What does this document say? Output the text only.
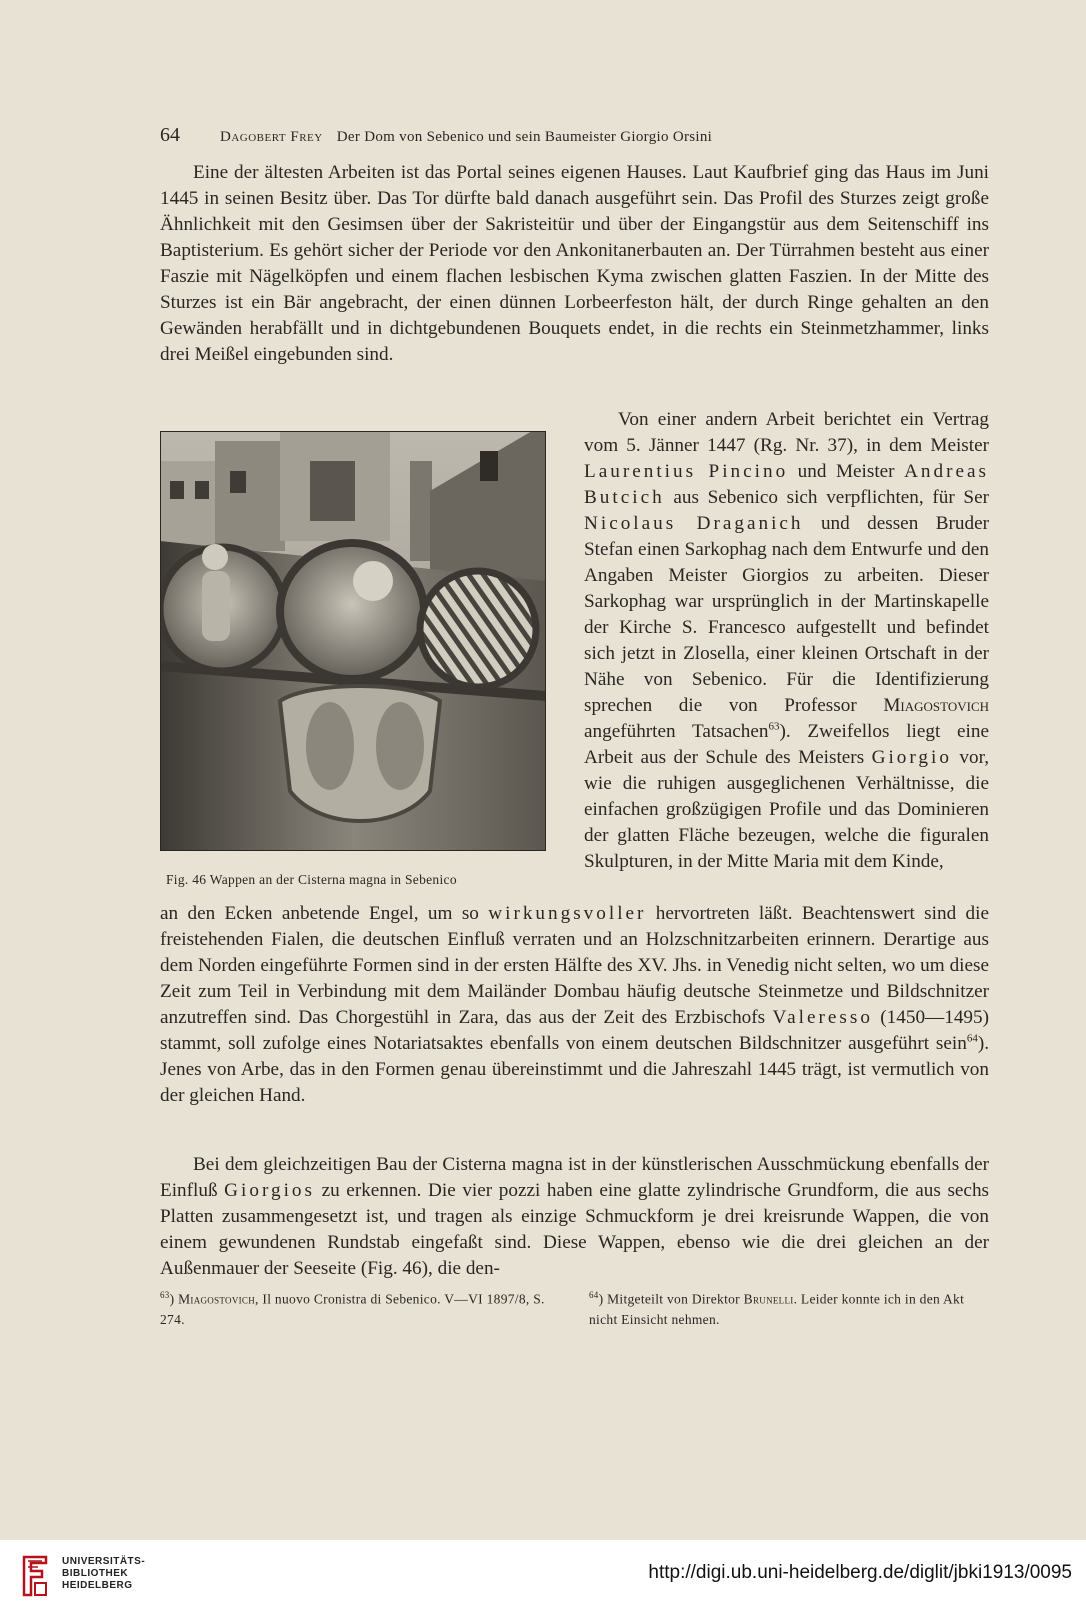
64	Dagobert Frey Der Dom von Sebenico und sein Baumeister Giorgio Orsini
Eine der ältesten Arbeiten ist das Portal seines eigenen Hauses. Laut Kaufbrief ging das Haus im Juni 1445 in seinen Besitz über. Das Tor dürfte bald danach ausgeführt sein. Das Profil des Sturzes zeigt große Ähnlichkeit mit den Gesimsen über der Sakristeitür und über der Eingangstür aus dem Seitenschiff ins Baptisterium. Es gehört sicher der Periode vor den Ankonitanerbauten an. Der Türrahmen besteht aus einer Faszie mit Nägelköpfen und einem flachen lesbischen Kyma zwischen glatten Faszien. In der Mitte des Sturzes ist ein Bär angebracht, der einen dünnen Lorbeerfeston hält, der durch Ringe gehalten an den Gewänden herabfällt und in dichtgebundenen Bouquets endet, in die rechts ein Steinmetzhammer, links drei Meißel eingebunden sind.
Fig. 46 Wappen an der Cisterna magna in Sebenico

Von einer andern Arbeit berichtet ein Vertrag vom 5. Jänner 1447 (Rg. Nr. 37), in dem Meister Laurentius Pincino und Meister Andreas Butcich aus Sebenico sich verpflichten, für Ser Nicolaus Draganich und dessen Bruder Stefan einen Sarkophag nach dem Entwurfe und den Angaben Meister Giorgios zu arbeiten. Dieser Sarkophag war ursprünglich in der Martinskapelle der Kirche S. Francesco aufgestellt und befindet sich jetzt in Zlosella, einer kleinen Ortschaft in der Nähe von Sebenico. Für die Identifizierung sprechen die von Professor Miagostovich angeführten Tatsachen$^{63}$). Zweifellos liegt eine Arbeit aus der Schule des Meisters Giorgio vor, wie die ruhigen ausgeglichenen Verhältnisse, die einfachen großzügigen Profile und das Dominieren der glatten Fläche bezeugen, welche die figuralen Skulpturen, in der Mitte Maria mit dem Kinde,

an den Ecken anbetende Engel, um so wirkungsvoller hervortreten läßt. Beachtenswert sind die freistehenden Fialen, die deutschen Einfluß verraten und an Holzschnitzarbeiten erinnern. Derartige aus dem Norden eingeführte Formen sind in der ersten Hälfte des XV. Jhs. in Venedig nicht selten, wo um diese Zeit zum Teil in Verbindung mit dem Mailänder Dombau häufig deutsche Steinmetze und Bildschnitzer anzutreffen sind. Das Chorgestühl in Zara, das aus der Zeit des Erzbischofs Valeresso (1450—1495) stammt, soll zufolge eines Notariatsaktes ebenfalls von einem deutschen Bildschnitzer ausgeführt sein$^{64}$). Jenes von Arbe, das in den Formen genau übereinstimmt und die Jahreszahl 1445 trägt, ist vermutlich von der gleichen Hand.
Bei dem gleichzeitigen Bau der Cisterna magna ist in der künstlerischen Ausschmückung ebenfalls der Einfluß Giorgios zu erkennen. Die vier pozzi haben eine glatte zylindrische Grundform, die aus sechs Platten zusammengesetzt ist, und tragen als einzige Schmuckform je drei kreisrunde Wappen, die von einem gewundenen Rundstab eingefaßt sind. Diese Wappen, ebenso wie die drei gleichen an der Außenmauer der Seeseite (Fig. 46), die den-
$^{63}$) Miagostovich, Il nuovo Cronistra di Sebenico. V—VI 1897/8, S. 274.
$^{64}$) Mitgeteilt von Direktor Brunelli. Leider konnte ich in den Akt nicht Einsicht nehmen.
UNIVERSITÄTS-
BIBLIOTHEK
HEIDELBERG
http://digi.ub.uni-heidelberg.de/diglit/jbki1913/0095
